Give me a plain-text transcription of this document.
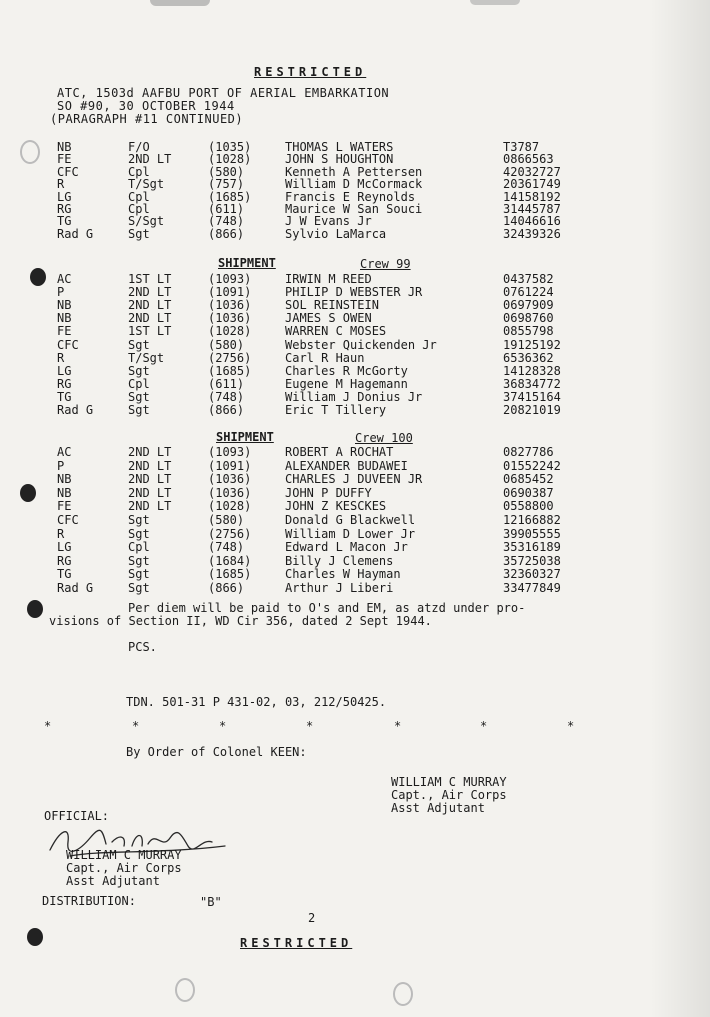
RESTRICTED
ATC, 1503d AAFBU PORT OF AERIAL EMBARKATION
SO #90, 30 OCTOBER 1944
(PARAGRAPH #11 CONTINUED)
NB	F/O	(1035)	THOMAS L WATERS	T3787
FE	2ND LT	(1028)	JOHN S HOUGHTON	0866563
CFC	Cpl	(580)	Kenneth A Pettersen	42032727
R	T/Sgt	(757)	William D McCormack	20361749
LG	Cpl	(1685)	Francis E Reynolds	14158192
RG	Cpl	(611)	Maurice W San Souci	31445787
TG	S/Sgt	(748)	J W Evans Jr	14046616
Rad G	Sgt	(866)	Sylvio LaMarca	32439326
SHIPMENT	Crew 99
AC	1ST LT	(1093)	IRWIN M REED	0437582
P	2ND LT	(1091)	PHILIP D WEBSTER JR	0761224
NB	2ND LT	(1036)	SOL REINSTEIN	0697909
NB	2ND LT	(1036)	JAMES S OWEN	0698760
FE	1ST LT	(1028)	WARREN C MOSES	0855798
CFC	Sgt	(580)	Webster Quickenden Jr	19125192
R	T/Sgt	(2756)	Carl R Haun	6536362
LG	Sgt	(1685)	Charles R McGorty	14128328
RG	Cpl	(611)	Eugene M Hagemann	36834772
TG	Sgt	(748)	William J Donius Jr	37415164
Rad G	Sgt	(866)	Eric T Tillery	20821019
SHIPMENT	Crew 100
AC	2ND LT	(1093)	ROBERT A ROCHAT	0827786
P	2ND LT	(1091)	ALEXANDER BUDAWEI	01552242
NB	2ND LT	(1036)	CHARLES J DUVEEN JR	0685452
NB	2ND LT	(1036)	JOHN P DUFFY	0690387
FE	2ND LT	(1028)	JOHN Z KESCKES	0558800
CFC	Sgt	(580)	Donald G Blackwell	12166882
R	Sgt	(2756)	William D Lower Jr	39905555
LG	Cpl	(748)	Edward L Macon Jr	35316189
RG	Sgt	(1684)	Billy J Clemens	35725038
TG	Sgt	(1685)	Charles W Hayman	32360327
Rad G	Sgt	(866)	Arthur J Liberi	33477849
Per diem will be paid to O's and EM, as atzd under pro-
visions of Section II, WD Cir 356, dated 2 Sept 1944.
PCS.
TDN. 501-31 P 431-02, 03, 212/50425.
*	*	*	*	*	*	*
By Order of Colonel KEEN:
WILLIAM C MURRAY
Capt., Air Corps
Asst Adjutant
OFFICIAL:
WILLIAM C MURRAY
Capt., Air Corps
Asst Adjutant
DISTRIBUTION:	"B"
2
RESTRICTED
